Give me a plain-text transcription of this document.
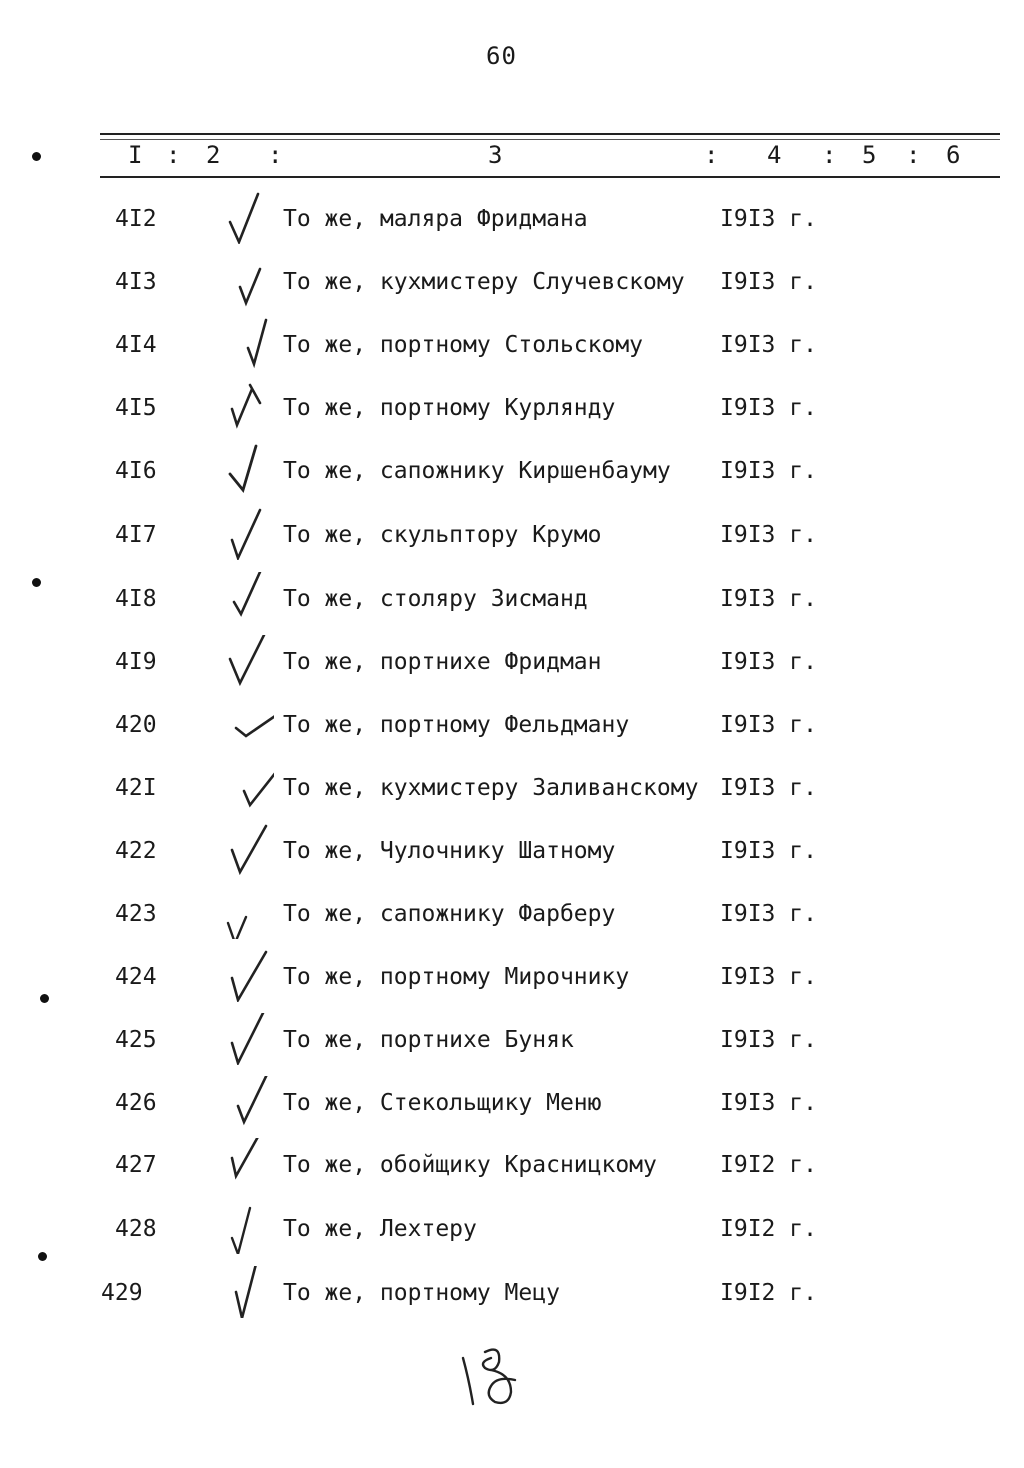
60
I : 2 :	3	: 4 : 5 : 6
4I2	То же, маляра Фридмана	I9I3 г.
4I3	То же, кухмистеру Случевскому I9I3 г.
4I4	То же, портному Стольскому	I9I3 г.
4I5	То же, портному Курлянду	I9I3 г.
4I6	То же, сапожнику Киршенбауму I9I3 г.
4I7	То же, скульптору Крумо	I9I3 г.
4I8	То же, столяру Зисманд	I9I3 г.
4I9	То же, портнихе Фридман	I9I3 г.
420	То же, портному Фельдману	I9I3 г.
42I	То же, кухмистеру Заливанскому I9I3 г.
422	То же, Чулочнику Шатному	I9I3 г.
423	То же, сапожнику Фарберу	I9I3 г.
424	То же, портному Мирочнику	I9I3 г.
425	То же, портнихе Буняк	I9I3 г.
426	То же, Стекольщику Меню	I9I3 г.
427	То же, обойщику Красницкому	I9I2 г.
428	То же, Лехтеру	I9I2 г.
429	То же, портному Мецу	I9I2 г.
